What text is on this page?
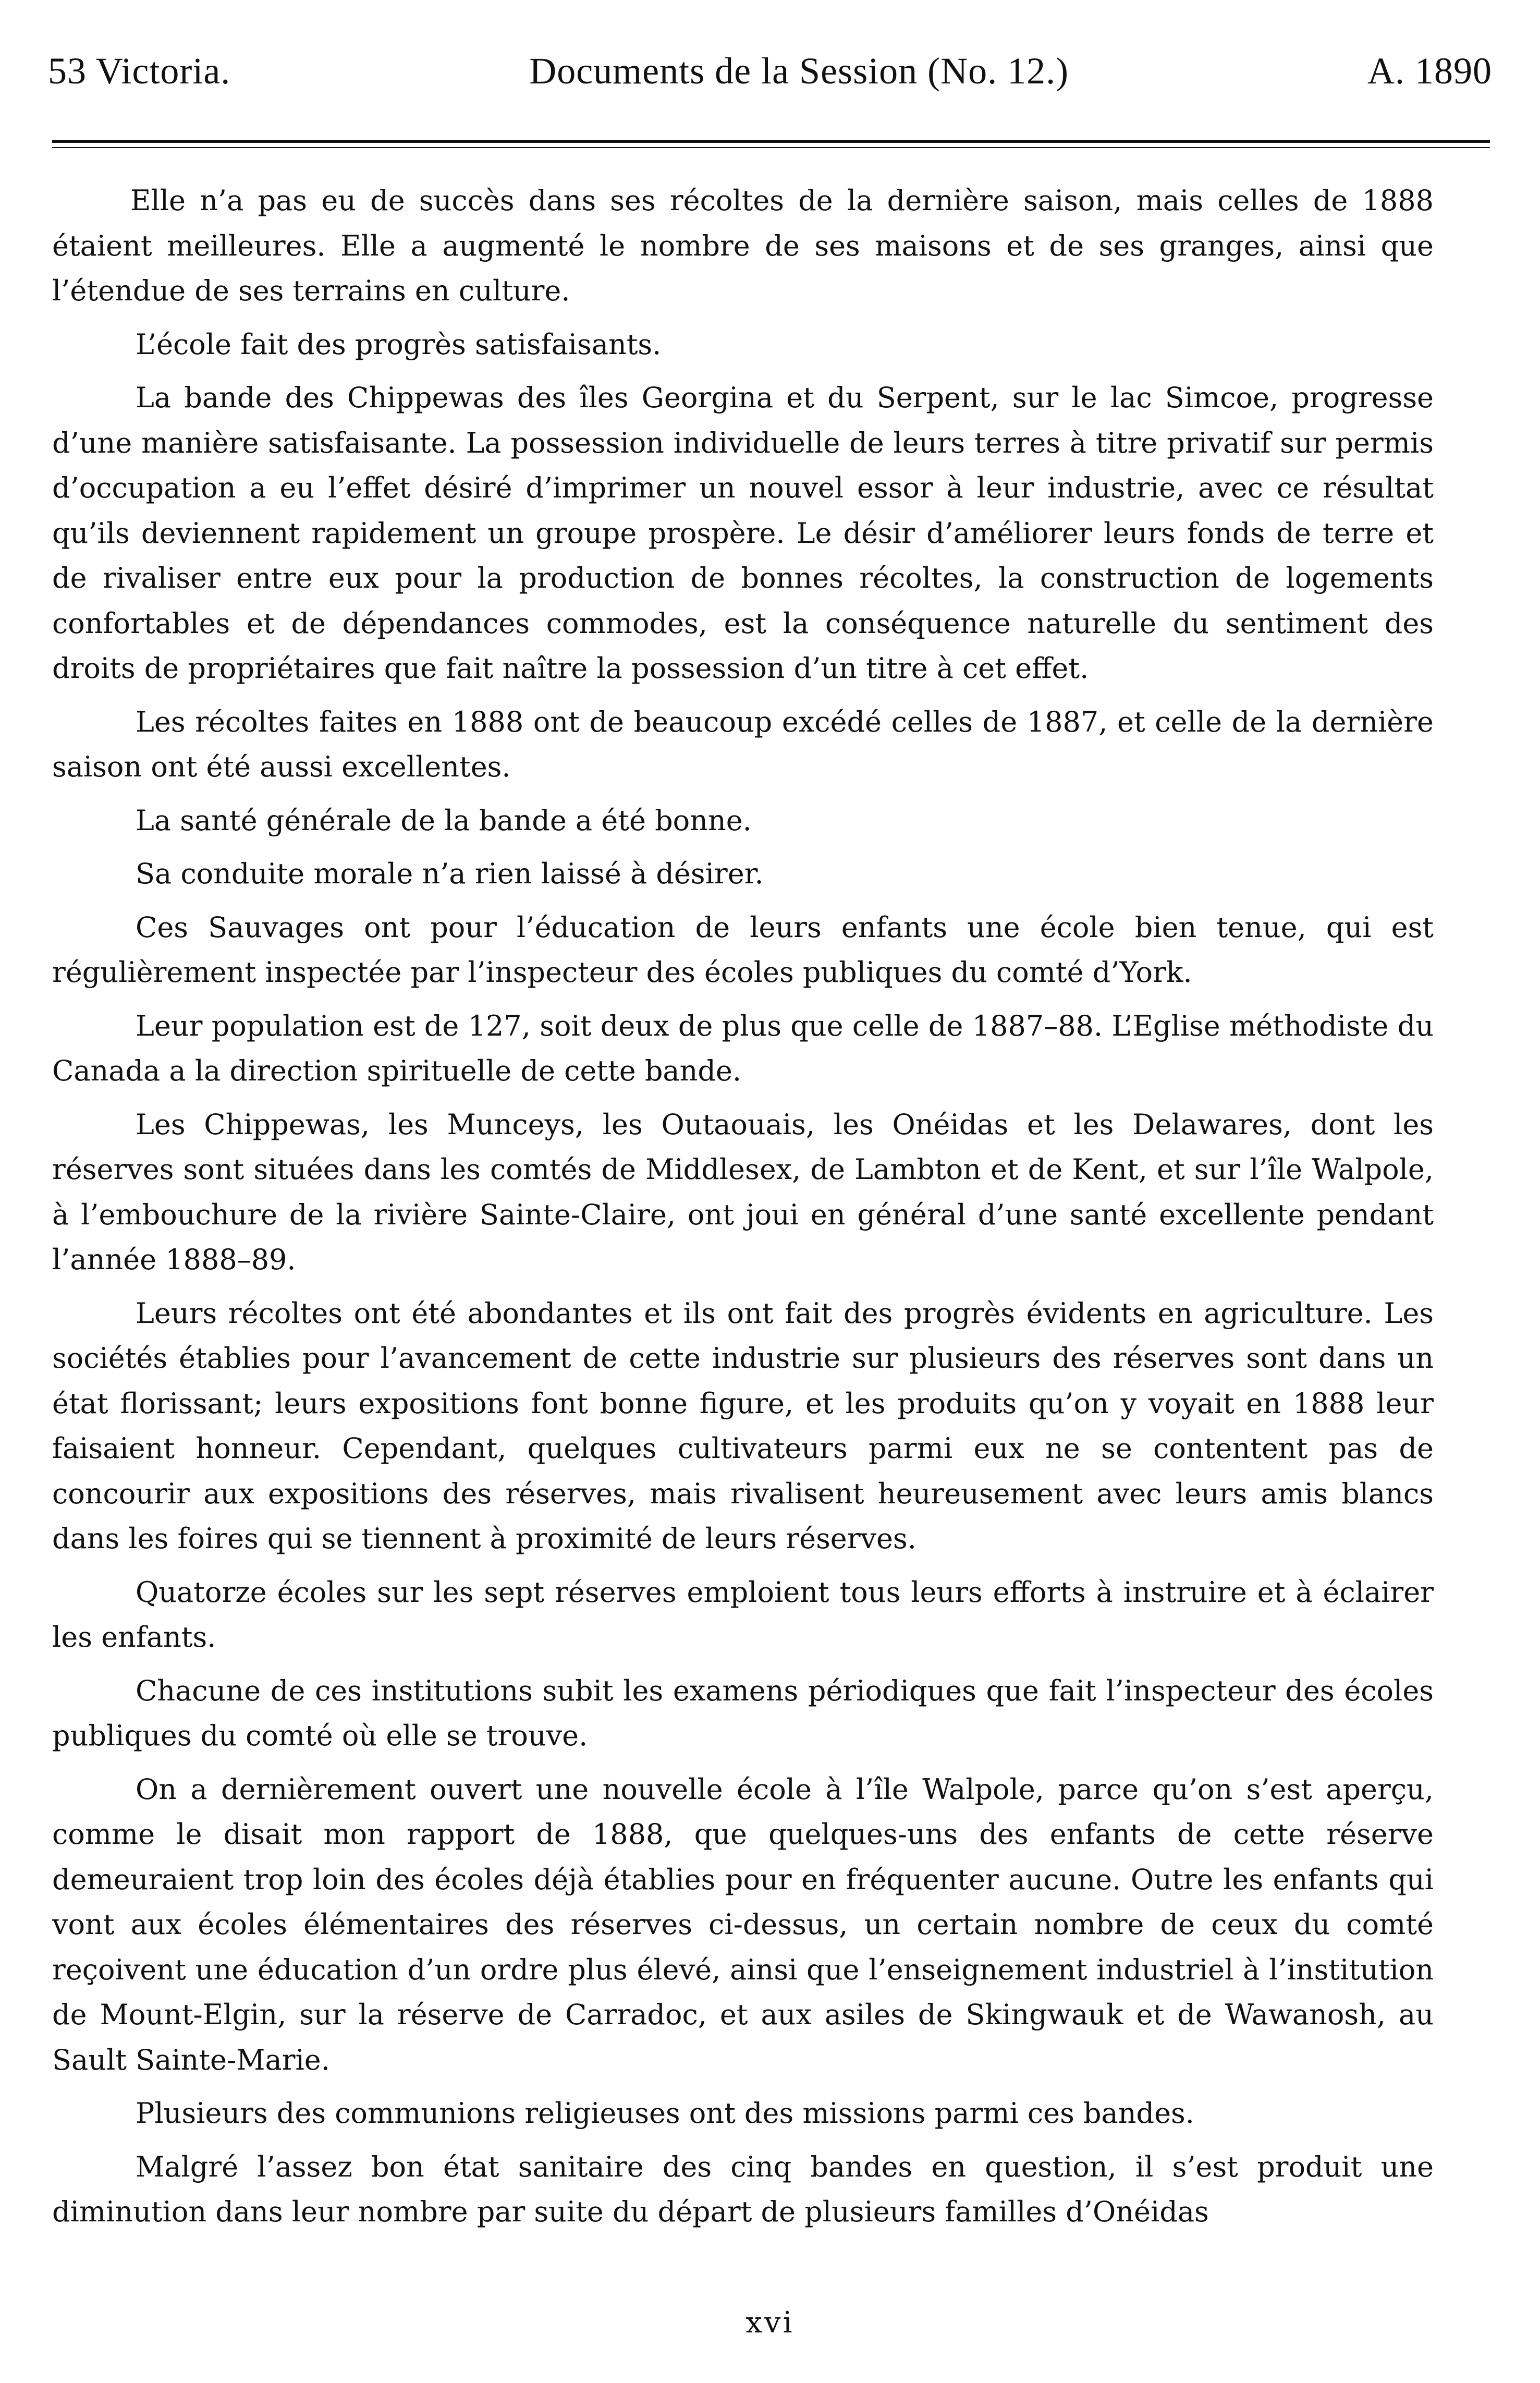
53 Victoria.	Documents de la Session (No. 12.)	A. 1890

Elle n’a pas eu de succès dans ses récoltes de la dernière saison, mais celles de 1888 étaient meilleures. Elle a augmenté le nombre de ses maisons et de ses granges, ainsi que l’étendue de ses terrains en culture.

L’école fait des progrès satisfaisants.

La bande des Chippewas des îles Georgina et du Serpent, sur le lac Simcoe, progresse d’une manière satisfaisante. La possession individuelle de leurs terres à titre privatif sur permis d’occupation a eu l’effet désiré d’imprimer un nouvel essor à leur industrie, avec ce résultat qu’ils deviennent rapidement un groupe prospère. Le désir d’améliorer leurs fonds de terre et de rivaliser entre eux pour la production de bonnes récoltes, la construction de logements confortables et de dépendances commodes, est la conséquence naturelle du sentiment des droits de propriétaires que fait naître la possession d’un titre à cet effet.

Les récoltes faites en 1888 ont de beaucoup excédé celles de 1887, et celle de la dernière saison ont été aussi excellentes.

La santé générale de la bande a été bonne.

Sa conduite morale n’a rien laissé à désirer.

Ces Sauvages ont pour l’éducation de leurs enfants une école bien tenue, qui est régulièrement inspectée par l’inspecteur des écoles publiques du comté d’York.

Leur population est de 127, soit deux de plus que celle de 1887–88. L’Eglise méthodiste du Canada a la direction spirituelle de cette bande.

Les Chippewas, les Munceys, les Outaouais, les Onéidas et les Delawares, dont les réserves sont situées dans les comtés de Middlesex, de Lambton et de Kent, et sur l’île Walpole, à l’embouchure de la rivière Sainte-Claire, ont joui en général d’une santé excellente pendant l’année 1888–89.

Leurs récoltes ont été abondantes et ils ont fait des progrès évidents en agriculture. Les sociétés établies pour l’avancement de cette industrie sur plusieurs des réserves sont dans un état florissant; leurs expositions font bonne figure, et les produits qu’on y voyait en 1888 leur faisaient honneur. Cependant, quelques cultivateurs parmi eux ne se contentent pas de concourir aux expositions des réserves, mais rivalisent heureusement avec leurs amis blancs dans les foires qui se tiennent à proximité de leurs réserves.

Quatorze écoles sur les sept réserves emploient tous leurs efforts à instruire et à éclairer les enfants.

Chacune de ces institutions subit les examens périodiques que fait l’inspecteur des écoles publiques du comté où elle se trouve.

On a dernièrement ouvert une nouvelle école à l’île Walpole, parce qu’on s’est aperçu, comme le disait mon rapport de 1888, que quelques-uns des enfants de cette réserve demeuraient trop loin des écoles déjà établies pour en fréquenter aucune. Outre les enfants qui vont aux écoles élémentaires des réserves ci-dessus, un certain nombre de ceux du comté reçoivent une éducation d’un ordre plus élevé, ainsi que l’enseignement industriel à l’institution de Mount-Elgin, sur la réserve de Carradoc, et aux asiles de Skingwauk et de Wawanosh, au Sault Sainte-Marie.

Plusieurs des communions religieuses ont des missions parmi ces bandes.

Malgré l’assez bon état sanitaire des cinq bandes en question, il s’est produit une diminution dans leur nombre par suite du départ de plusieurs familles d’Onéidas

xvi
